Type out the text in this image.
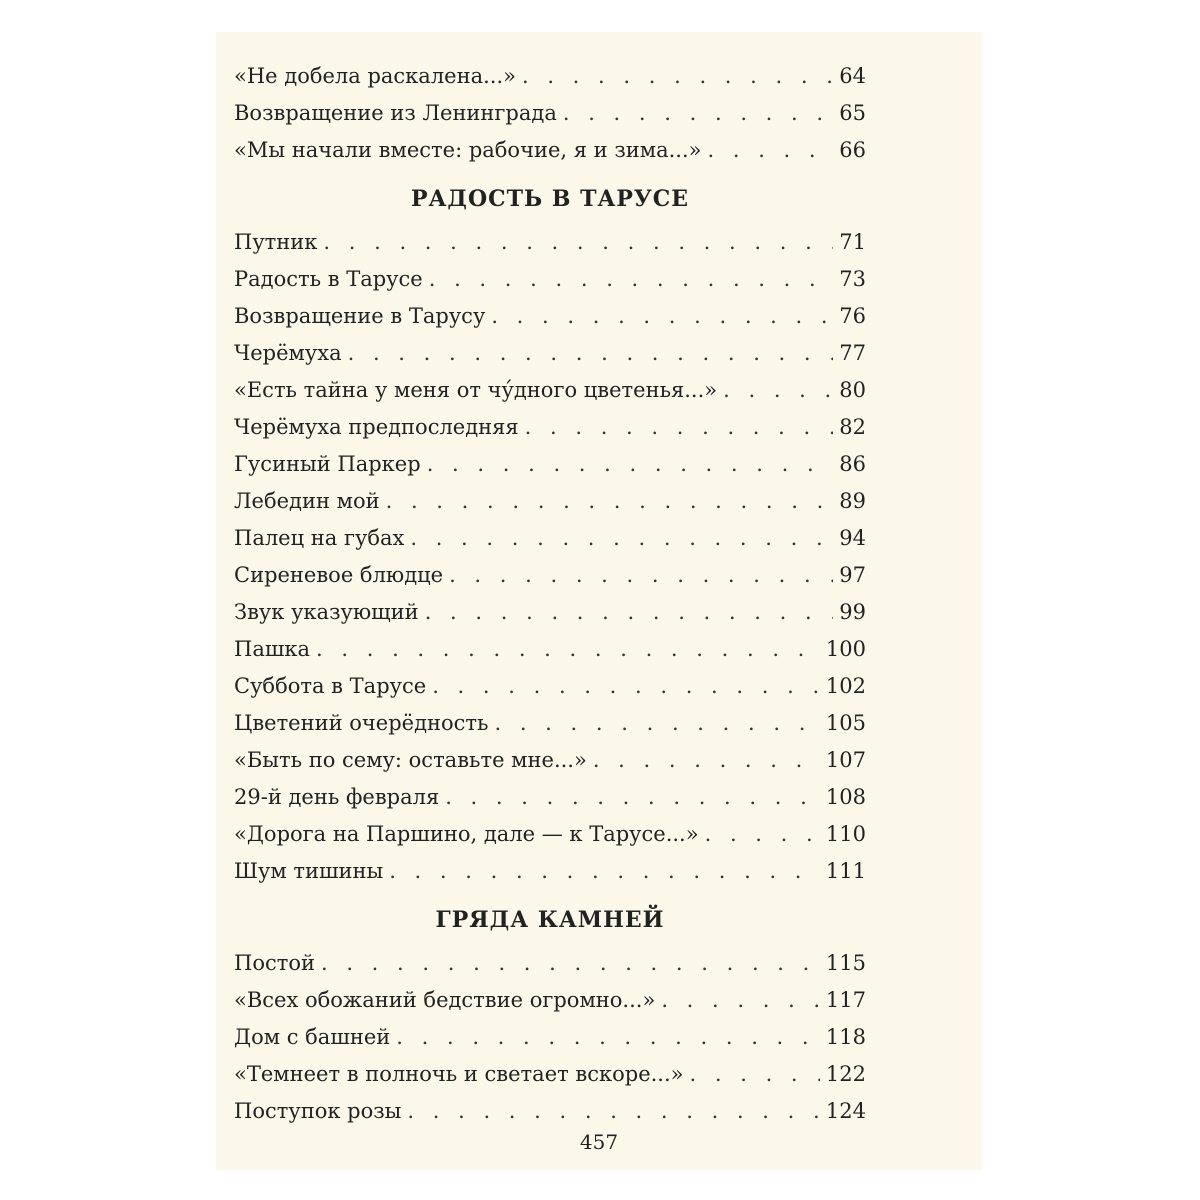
«Не добела раскалена...» . . .	64
Возвращение из Ленинграда . . .	65
«Мы начали вместе: рабочие, я и зима...» . . .	66
РАДОСТЬ В ТАРУСЕ
Путник . . .	71
Радость в Тарусе . . .	73
Возвращение в Тарусу . . .	76
Черёмуха . . .	77
«Есть тайна у меня от чу́дного цветенья...» . . .	80
Черёмуха предпоследняя . . .	82
Гусиный Паркер . . .	86
Лебедин мой . . .	89
Палец на губах . . .	94
Сиреневое блюдце . . .	97
Звук указующий . . .	99
Пашка . . .	100
Суббота в Тарусе . . .	102
Цветений очерёдность . . .	105
«Быть по сему: оставьте мне...» . . .	107
29-й день февраля . . .	108
«Дорога на Паршино, дале — к Тарусе...» . . .	110
Шум тишины . . .	111
ГРЯДА КАМНЕЙ
Постой . . .	115
«Всех обожаний бедствие огромно...» . . .	117
Дом с башней . . .	118
«Темнеет в полночь и светает вскоре...» . . .	122
Поступок розы . . .	124
457
